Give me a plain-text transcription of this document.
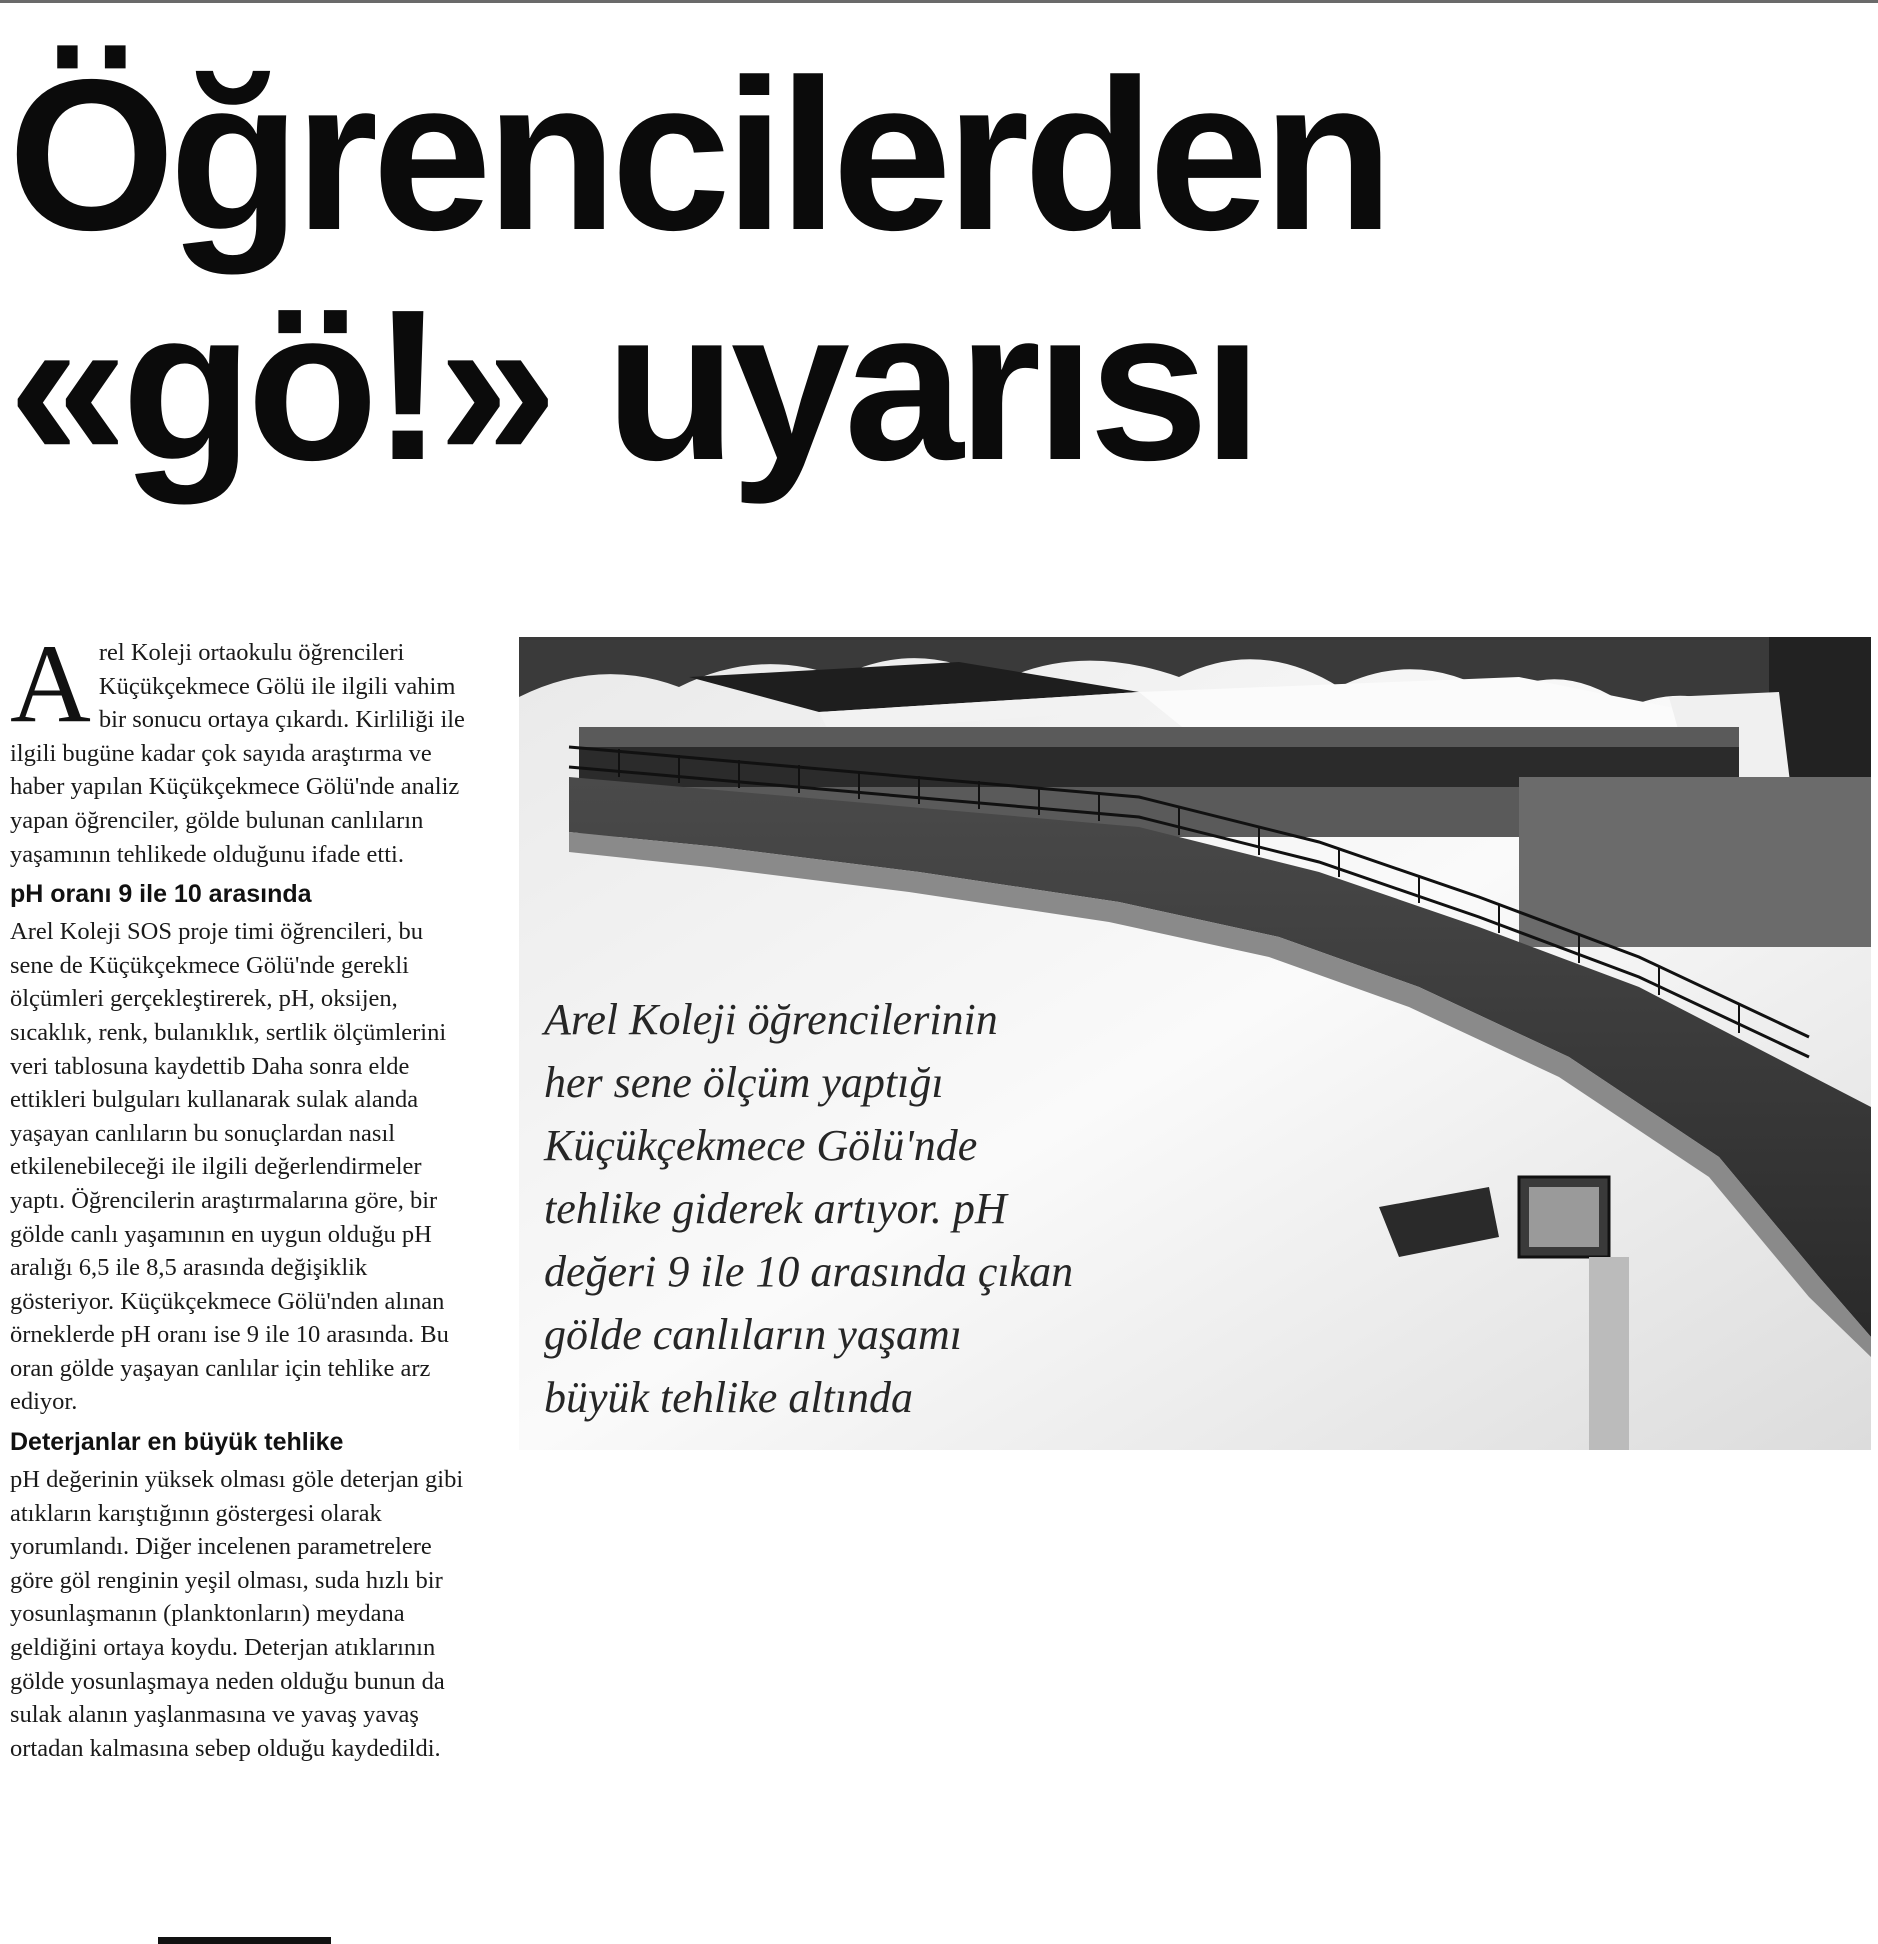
Öğrencilerden
«gö!» uyarısı
A rel Koleji ortaokulu öğrencileri Küçükçekmece Gölü ile ilgili vahim bir sonucu ortaya çıkardı. Kirliliği ile ilgili bugüne kadar çok sayıda araştırma ve haber yapılan Küçükçekmece Gölü'nde analiz yapan öğrenciler, gölde bulunan canlıların yaşamının tehlikede olduğunu ifade etti.

pH oranı 9 ile 10 arasında

Arel Koleji SOS proje timi öğrencileri, bu sene de Küçükçekmece Gölü'nde gerekli ölçümleri gerçekleştirerek, pH, oksijen, sıcaklık, renk, bulanıklık, sertlik ölçümlerini veri tablosuna kaydettib Daha sonra elde ettikleri bulguları kullanarak sulak alanda yaşayan canlıların bu sonuçlardan nasıl etkilenebileceği ile ilgili değerlendirmeler yaptı. Öğrencilerin araştırmalarına göre, bir gölde canlı yaşamının en uygun olduğu pH aralığı 6,5 ile 8,5 arasında değişiklik gösteriyor. Küçükçekmece Gölü'nden alınan örneklerde pH oranı ise 9 ile 10 arasında. Bu oran gölde yaşayan canlılar için tehlike arz ediyor.

Deterjanlar en büyük tehlike

pH değerinin yüksek olması göle deterjan gibi atıkların karıştığının göstergesi olarak yorumlandı. Diğer incelenen parametrelere göre göl renginin yeşil olması, suda hızlı bir yosunlaşmanın (planktonların) meydana geldiğini ortaya koydu. Deterjan atıklarının gölde yosunlaşmaya neden olduğu bunun da sulak alanın yaşlanmasına ve yavaş yavaş ortadan kalmasına sebep olduğu kaydedildi.

Arel Koleji öğrencilerinin
her sene ölçüm yaptığı
Küçükçekmece Gölü'nde
tehlike giderek artıyor. pH
değeri 9 ile 10 arasında çıkan
gölde canlıların yaşamı
büyük tehlike altında
